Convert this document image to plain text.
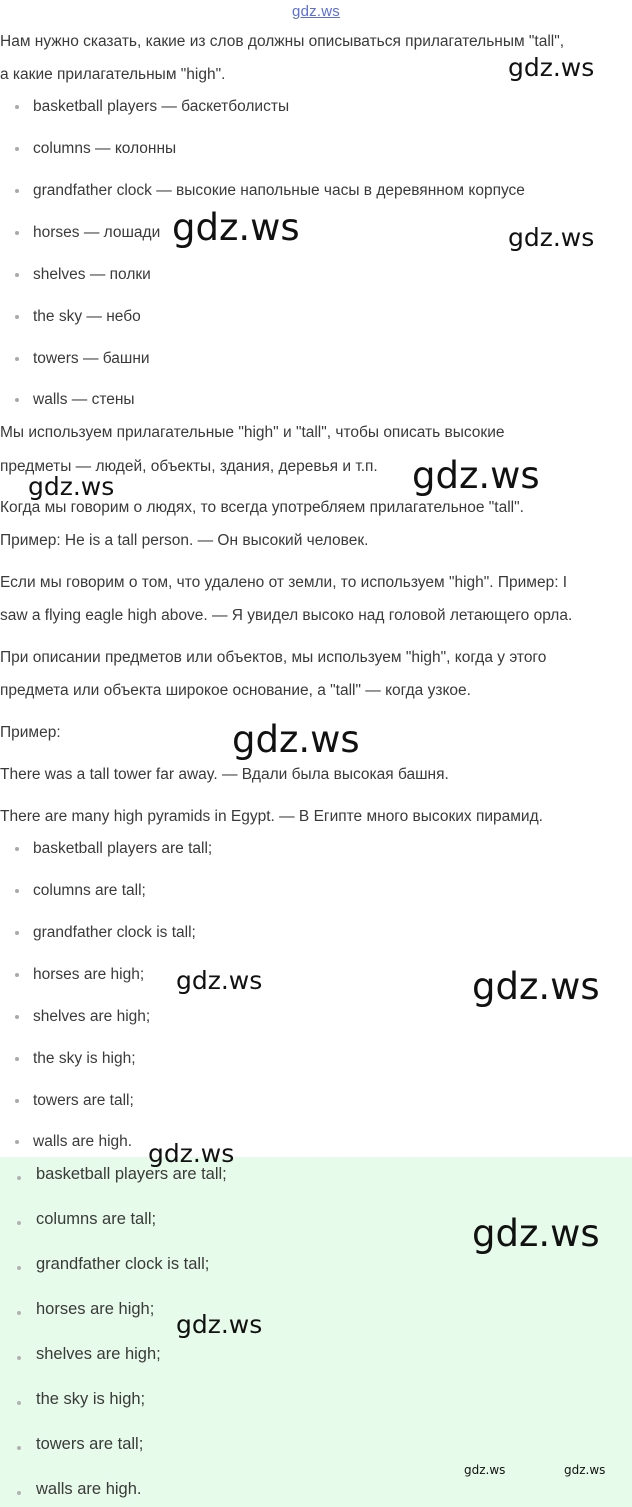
gdz.ws
Нам нужно сказать, какие из слов должны описываться прилагательным "tall",
а какие прилагательным "high".
basketball players — баскетболисты
columns — колонны
grandfather clock — высокие напольные часы в деревянном корпусе
horses — лошади
shelves — полки
the sky — небо
towers — башни
walls — стены
Мы используем прилагательные "high" и "tall", чтобы описать высокие
предметы — людей, объекты, здания, деревья и т.п.
Когда мы говорим о людях, то всегда употребляем прилагательное "tall".
Пример: He is a tall person. — Он высокий человек.
Если мы говорим о том, что удалено от земли, то используем "high". Пример: I
saw a flying eagle high above. — Я увидел высоко над головой летающего орла.
При описании предметов или объектов, мы используем "high", когда у этого
предмета или объекта широкое основание, а "tall" — когда узкое.
Пример:
There was a tall tower far away. — Вдали была высокая башня.
There are many high pyramids in Egypt. — В Египте много высоких пирамид.
basketball players are tall;
columns are tall;
grandfather clock is tall;
horses are high;
shelves are high;
the sky is high;
towers are tall;
walls are high.
basketball players are tall;
columns are tall;
grandfather clock is tall;
horses are high;
shelves are high;
the sky is high;
towers are tall;
walls are high.
gdz.ws
gdz.ws	gdz.ws
gdz.ws
gdz.ws
gdz.ws
gdz.ws	gdz.ws
gdz.ws
gdz.ws
gdz.ws
gdz.ws	gdz.ws
